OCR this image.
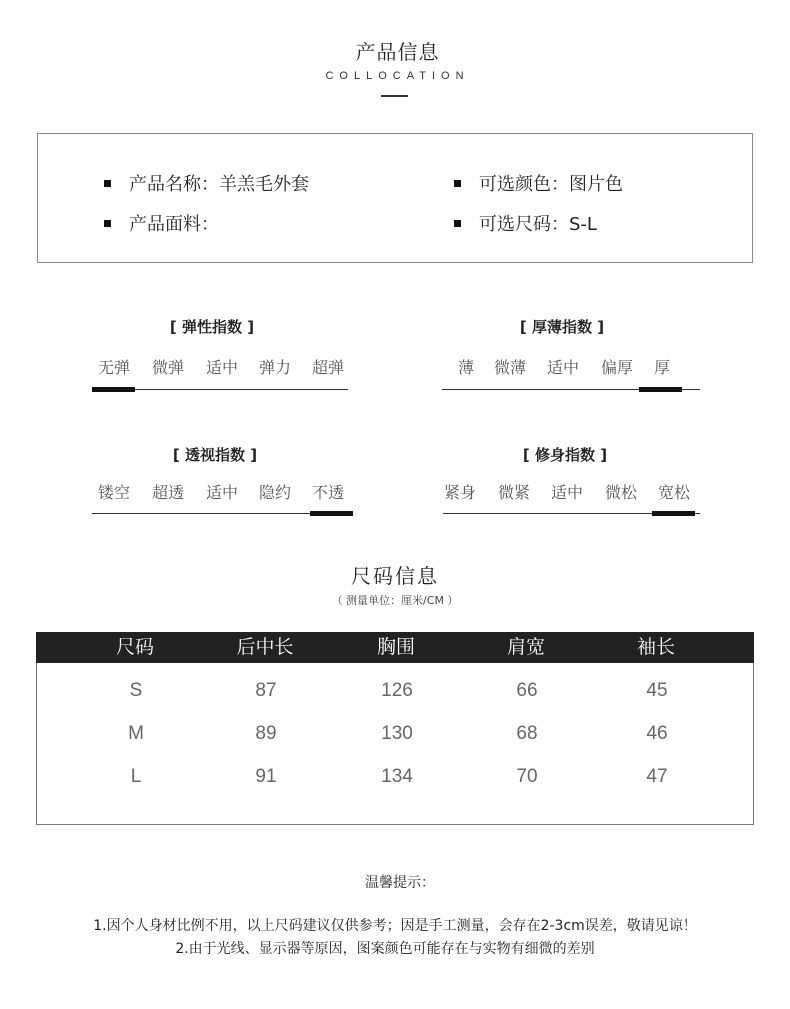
产品信息
COLLOCATION
产品名称：羊羔毛外套
产品面料：
可选颜色：图片色
可选尺码：S-L
[ 弹性指数 ]
无弹	微弹	适中	弹力	超弹
[ 厚薄指数 ]
薄	微薄	适中	偏厚	厚
[ 透视指数 ]
镂空	超透	适中	隐约	不透
[ 修身指数 ]
紧身	微紧	适中	微松	宽松
尺码信息
（ 测量单位：厘米/CM ）
尺码	后中长	胸围	肩宽	袖长
S	87	126	66	45
M	89	130	68	46
L	91	134	70	47
温馨提示：
1.因个人身材比例不用，以上尺码建议仅供参考；因是手工测量，会存在2-3cm误差，敬请见谅！
2.由于光线、显示器等原因，图案颜色可能存在与实物有细微的差别
